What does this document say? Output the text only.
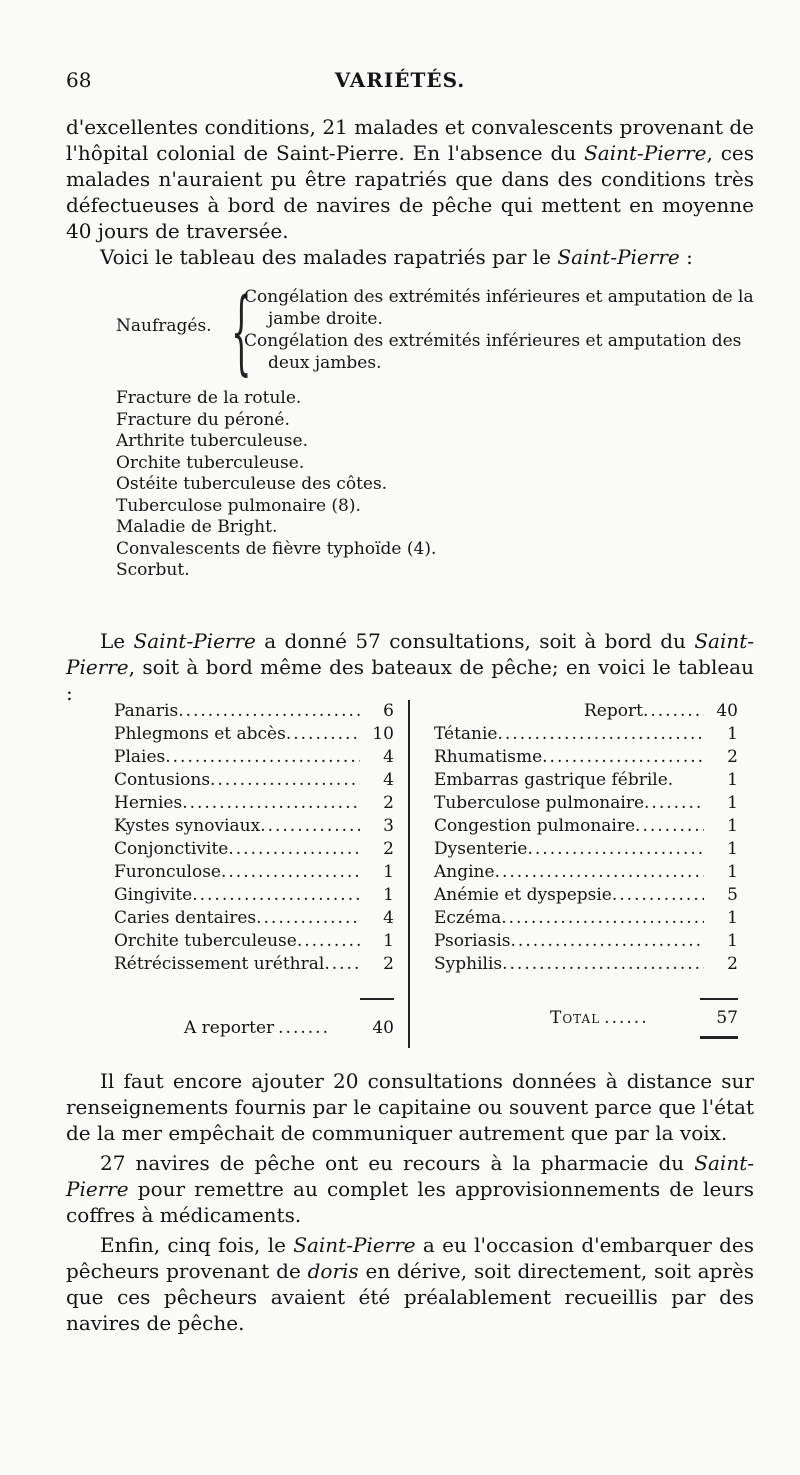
68	VARIÉTÉS.
d'excellentes conditions, 21 malades et convalescents provenant de l'hôpital colonial de Saint-Pierre. En l'absence du Saint-Pierre, ces malades n'auraient pu être rapatriés que dans des conditions très défectueuses à bord de navires de pêche qui mettent en moyenne 40 jours de traversée.
Voici le tableau des malades rapatriés par le Saint-Pierre :
Naufragés. {
Congélation des extrémités inférieures et amputation de la
jambe droite.
Congélation des extrémités inférieures et amputation des
deux jambes.
Fracture de la rotule.
Fracture du péroné.
Arthrite tuberculeuse.
Orchite tuberculeuse.
Ostéite tuberculeuse des côtes.
Tuberculose pulmonaire (8).
Maladie de Bright.
Convalescents de fièvre typhoïde (4).
Scorbut.
Le Saint-Pierre a donné 57 consultations, soit à bord du Saint-Pierre, soit à bord même des bateaux de pêche; en voici le tableau :
Panaris .....	6
Phlegmons et abcès .....	10
Plaies .....	4
Contusions .....	4
Hernies .....	2
Kystes synoviaux .....	3
Conjonctivite .....	2
Furonculose .....	1
Gingivite .....	1
Caries dentaires .....	4
Orchite tuberculeuse .....	1
Rétrécissement uréthral .....	2
A reporter .......	40
Report .....	40
Tétanie .....	1
Rhumatisme .....	2
Embarras gastrique fébrile.	1
Tuberculose pulmonaire .....	1
Congestion pulmonaire .....	1
Dysenterie .....	1
Angine .....	1
Anémie et dyspepsie .....	5
Eczéma .....	1
Psoriasis .....	1
Syphilis .....	2
Total ......	57
Il faut encore ajouter 20 consultations données à distance sur renseignements fournis par le capitaine ou souvent parce que l'état de la mer empêchait de communiquer autrement que par la voix.
27 navires de pêche ont eu recours à la pharmacie du Saint-Pierre pour remettre au complet les approvisionnements de leurs coffres à médicaments.
Enfin, cinq fois, le Saint-Pierre a eu l'occasion d'embarquer des pêcheurs provenant de doris en dérive, soit directement, soit après que ces pêcheurs avaient été préalablement recueillis par des navires de pêche.
